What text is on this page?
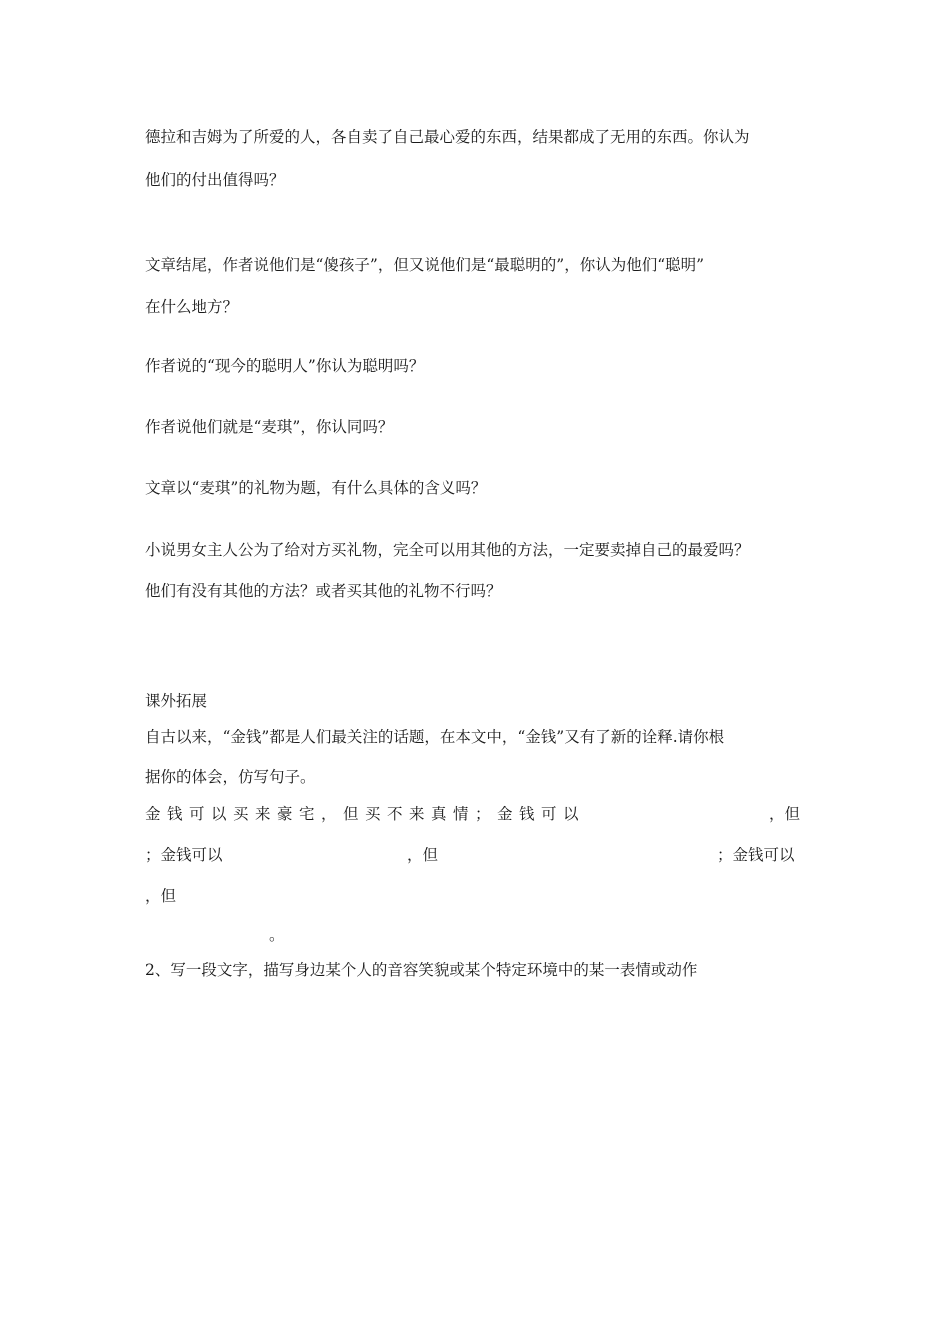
德拉和吉姆为了所爱的人，各自卖了自己最心爱的东西，结果都成了无用的东西。你认为
他们的付出值得吗？
文章结尾，作者说他们是“傻孩子”，但又说他们是“最聪明的”，你认为他们“聪明”
在什么地方？
作者说的“现今的聪明人”你认为聪明吗？
作者说他们就是“麦琪”，你认同吗？
文章以“麦琪”的礼物为题，有什么具体的含义吗？
小说男女主人公为了给对方买礼物，完全可以用其他的方法，一定要卖掉自己的最爱吗？
他们有没有其他的方法？或者买其他的礼物不行吗？
课外拓展
自古以来，“金钱”都是人们最关注的话题，在本文中，“金钱”又有了新的诠释.请你根
据你的体会，仿写句子。
金钱可以买来豪宅，但买不来真情；金钱可以	，但
；金钱可以	，但	；金钱可以
，但
。
2、写一段文字，描写身边某个人的音容笑貌或某个特定环境中的某一表情或动作
